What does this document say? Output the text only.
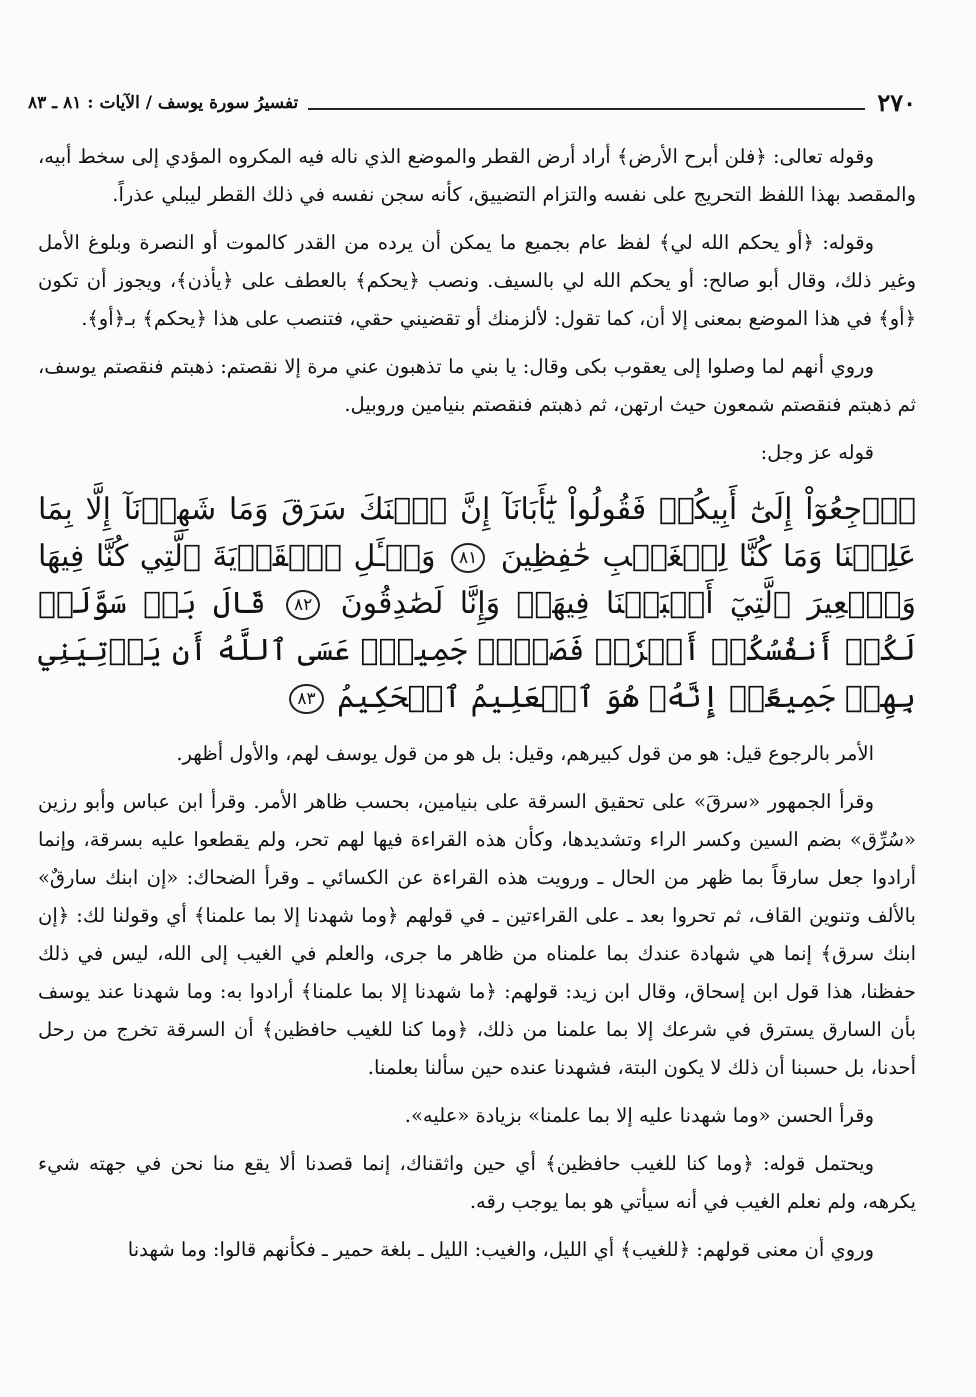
٢٧٠
تفسيرُ سورة يوسف / الآيات : ٨١ ـ ٨٣

وقوله تعالى: ﴿فلن أبرح الأرض﴾ أراد أرض القطر والموضع الذي ناله فيه المكروه المؤدي إلى سخط أبيه، والمقصد بهذا اللفظ التحريج على نفسه والتزام التضييق، كأنه سجن نفسه في ذلك القطر ليبلي عذراً.

وقوله: ﴿أو يحكم الله لي﴾ لفظ عام بجميع ما يمكن أن يرده من القدر كالموت أو النصرة وبلوغ الأمل وغير ذلك، وقال أبو صالح: أو يحكم الله لي بالسيف. ونصب ﴿يحكم﴾ بالعطف على ﴿يأذن﴾، ويجوز أن تكون ﴿أو﴾ في هذا الموضع بمعنى إلا أن، كما تقول: لألزمنك أو تقضيني حقي، فتنصب على هذا ﴿يحكم﴾ بـ﴿أو﴾.

وروي أنهم لما وصلوا إلى يعقوب بكى وقال: يا بني ما تذهبون عني مرة إلا نقصتم: ذهبتم فنقصتم يوسف، ثم ذهبتم فنقصتم شمعون حيث ارتهن، ثم ذهبتم فنقصتم بنيامين وروبيل.

قوله عز وجل:

ٱرۡجِعُوٓاْ إِلَىٰٓ أَبِيكُمۡ فَقُولُواْ يَٰٓأَبَانَآ إِنَّ ٱبۡنَكَ سَرَقَ وَمَا شَهِدۡنَآ إِلَّا بِمَا عَلِمۡنَا وَمَا كُنَّا لِلۡغَيۡبِ حَٰفِظِينَ ٨١ وَسۡـَٔلِ ٱلۡقَرۡيَةَ ٱلَّتِي كُنَّا فِيهَا وَٱلۡعِيرَ ٱلَّتِيٓ أَقۡبَلۡنَا فِيهَاۖ وَإِنَّا لَصَٰدِقُونَ ٨٢ قَالَ بَلۡ سَوَّلَتۡ لَكُمۡ أَنفُسُكُمۡ أَمۡرٗاۖ فَصَبۡرٞ جَمِيلٌۖ عَسَى ٱللَّهُ أَن يَأۡتِيَنِي بِهِمۡ جَمِيعًاۚ إِنَّهُۥ هُوَ ٱلۡعَلِيمُ ٱلۡحَكِيمُ ٨٣

الأمر بالرجوع قيل: هو من قول كبيرهم، وقيل: بل هو من قول يوسف لهم، والأول أظهر.

وقرأ الجمهور «سرقَ» على تحقيق السرقة على بنيامين، بحسب ظاهر الأمر. وقرأ ابن عباس وأبو رزين «سُرِّق» بضم السين وكسر الراء وتشديدها، وكأن هذه القراءة فيها لهم تحر، ولم يقطعوا عليه بسرقة، وإنما أرادوا جعل سارقاً بما ظهر من الحال ـ ورويت هذه القراءة عن الكسائي ـ وقرأ الضحاك: «إن ابنك سارقٌ» بالألف وتنوين القاف، ثم تحروا بعد ـ على القراءتين ـ في قولهم ﴿وما شهدنا إلا بما علمنا﴾ أي وقولنا لك: ﴿إن ابنك سرق﴾ إنما هي شهادة عندك بما علمناه من ظاهر ما جرى، والعلم في الغيب إلى الله، ليس في ذلك حفظنا، هذا قول ابن إسحاق، وقال ابن زيد: قولهم: ﴿ما شهدنا إلا بما علمنا﴾ أرادوا به: وما شهدنا عند يوسف بأن السارق يسترق في شرعك إلا بما علمنا من ذلك، ﴿وما كنا للغيب حافظين﴾ أن السرقة تخرج من رحل أحدنا، بل حسبنا أن ذلك لا يكون البتة، فشهدنا عنده حين سألنا بعلمنا.

وقرأ الحسن «وما شهدنا عليه إلا بما علمنا» بزيادة «عليه».

ويحتمل قوله: ﴿وما كنا للغيب حافظين﴾ أي حين واثقناك، إنما قصدنا ألا يقع منا نحن في جهته شيء يكرهه، ولم نعلم الغيب في أنه سيأتي هو بما يوجب رقه.

وروي أن معنى قولهم: ﴿للغيب﴾ أي الليل، والغيب: الليل ـ بلغة حمير ـ فكأنهم قالوا: وما شهدنا
